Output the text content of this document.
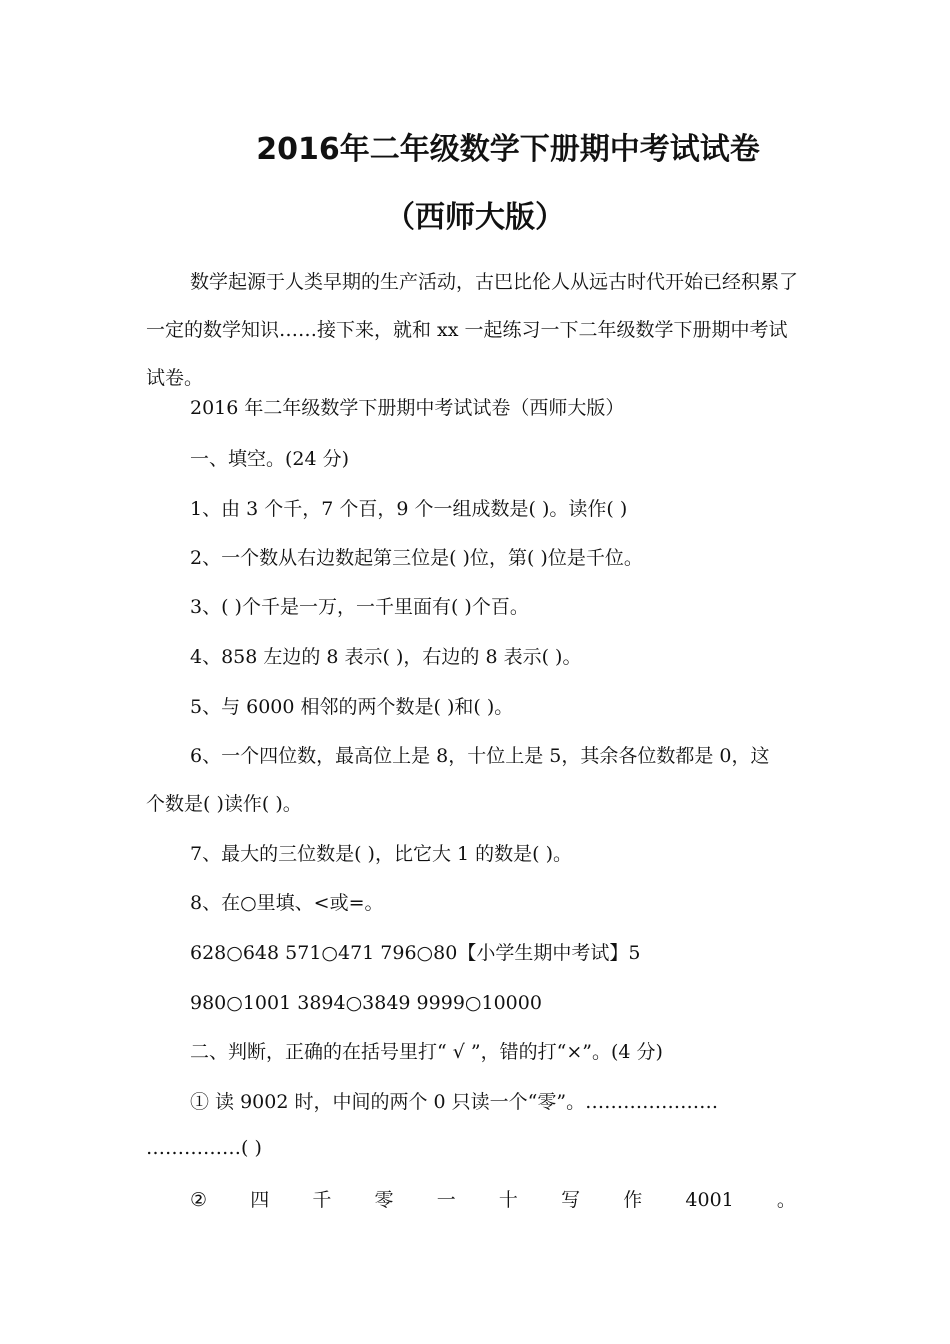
2016年二年级数学下册期中考试试卷
（西师大版）

数学起源于人类早期的生产活动，古巴比伦人从远古时代开始已经积累了一定的数学知识……接下来，就和 xx 一起练习一下二年级数学下册期中考试试卷。

2016 年二年级数学下册期中考试试卷（西师大版）

一、填空。(24 分)

1、由 3 个千，7 个百，9 个一组成数是( )。读作( )

2、一个数从右边数起第三位是( )位，第( )位是千位。

3、( )个千是一万，一千里面有( )个百。

4、858 左边的 8 表示( )，右边的 8 表示( )。

5、与 6000 相邻的两个数是( )和( )。

6、一个四位数，最高位上是 8，十位上是 5，其余各位数都是 0，这

个数是( )读作( )。

7、最大的三位数是( )，比它大 1 的数是( )。

8、在○里填、<或=。

628○648 571○471 796○80【小学生期中考试】5

980○1001 3894○3849 9999○10000

二、判断，正确的在括号里打“ √ ”，错的打“×”。(4 分)

① 读 9002 时，中间的两个 0 只读一个“零”。…………………

……………( )

② 四 千 零 一 十 写 作 4001 。
